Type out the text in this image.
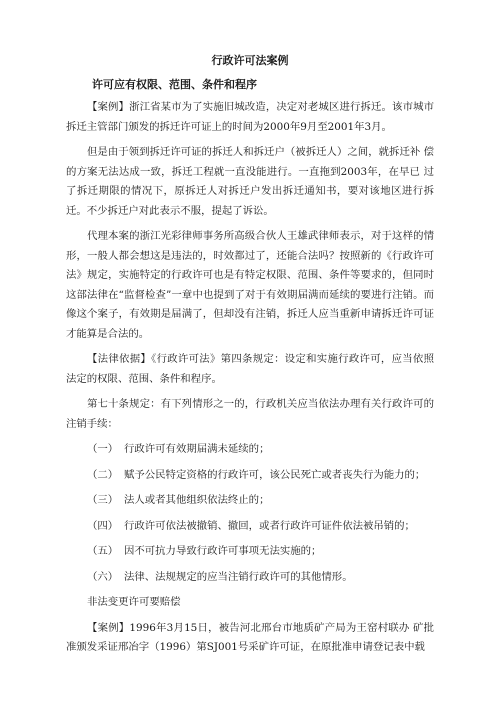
行政许可法案例
许可应有权限、范围、条件和程序

【案例】浙江省某市为了实施旧城改造，决定对老城区进行拆迁。该市城市拆迁主管部门颁发的拆迁许可证上的时间为2000年9月至2001年3月。

但是由于领到拆迁许可证的拆迁人和拆迁户（被拆迁人）之间，就拆迁补 偿的方案无法达成一致，拆迁工程就一直没能进行。一直拖到2003年，在早已 过了拆迁期限的情况下，原拆迁人对拆迁户发出拆迁通知书，要对该地区进行拆 迁。不少拆迁户对此表示不服，提起了诉讼。

代理本案的浙江光彩律师事务所高级合伙人王雄武律师表示，对于这样的情形，一般人都会想这是违法的，时效都过了，还能合法吗？按照新的《行政许可法》规定，实施特定的行政许可也是有特定权限、范围、条件等要求的，但同时这部法律在“监督检查”一章中也提到了对于有效期届满而延续的要进行注销。而像这个案子，有效期是届满了，但却没有注销，拆迁人应当重新申请拆迁许可证才能算是合法的。

【法律依据】《行政许可法》第四条规定：设定和实施行政许可，应当依照法定的权限、范围、条件和程序。

第七十条规定：有下列情形之一的，行政机关应当依法办理有关行政许可的注销手续：

（一） 行政许可有效期届满未延续的；
（二） 赋予公民特定资格的行政许可，该公民死亡或者丧失行为能力的；
（三） 法人或者其他组织依法终止的；
（四） 行政许可依法被撤销、撤回，或者行政许可证件依法被吊销的；
（五） 因不可抗力导致行政许可事项无法实施的；
（六） 法律、法规规定的应当注销行政许可的其他情形。

非法变更许可要赔偿

【案例】1996年3月15日，被告河北邢台市地质矿产局为王窑村联办 矿批准颁发采证邢冶字（1996）第SJ001号采矿许可证，在原批准申请登记表中载
